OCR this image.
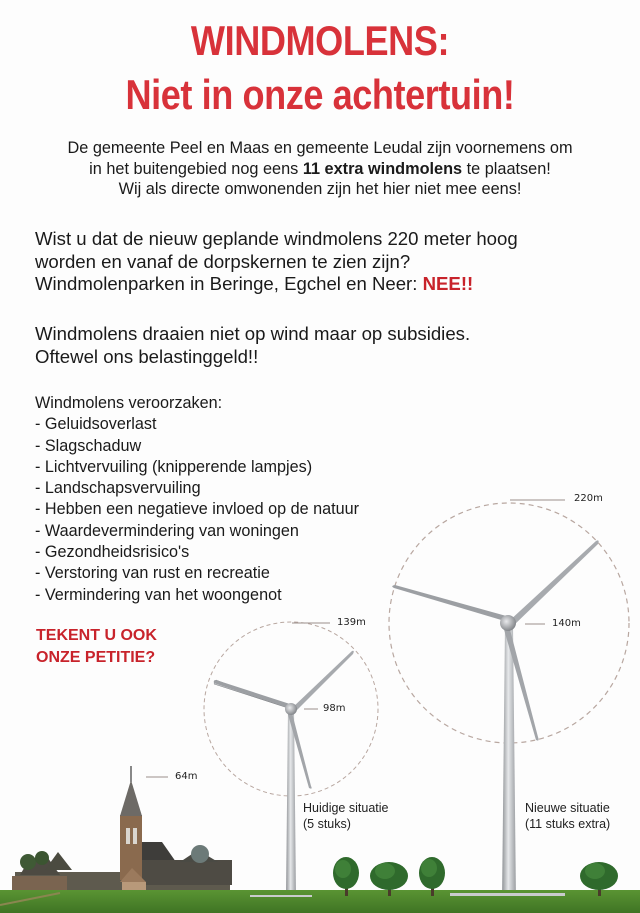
WINDMOLENS:
Niet in onze achtertuin!
De gemeente Peel en Maas en gemeente Leudal zijn voornemens om
in het buitengebied nog eens 11 extra windmolens te plaatsen!
Wij als directe omwonenden zijn het hier niet mee eens!
Wist u dat de nieuw geplande windmolens 220 meter hoog
worden en vanaf de dorpskernen te zien zijn?
Windmolenparken in Beringe, Egchel en Neer: NEE!!
Windmolens draaien niet op wind maar op subsidies.
Oftewel ons belastinggeld!!
Windmolens veroorzaken:
- Geluidsoverlast
- Slagschaduw
- Lichtvervuiling (knipperende lampjes)
- Landschapsvervuiling
- Hebben een negatieve invloed op de natuur
- Waardevermindering van woningen
- Gezondheidsrisico's
- Verstoring van rust en recreatie
- Vermindering van het woongenot
TEKENT U OOK
ONZE PETITIE?
64m
139m
98m
220m
140m
Huidige situatie
(5 stuks)
Nieuwe situatie
(11 stuks extra)
